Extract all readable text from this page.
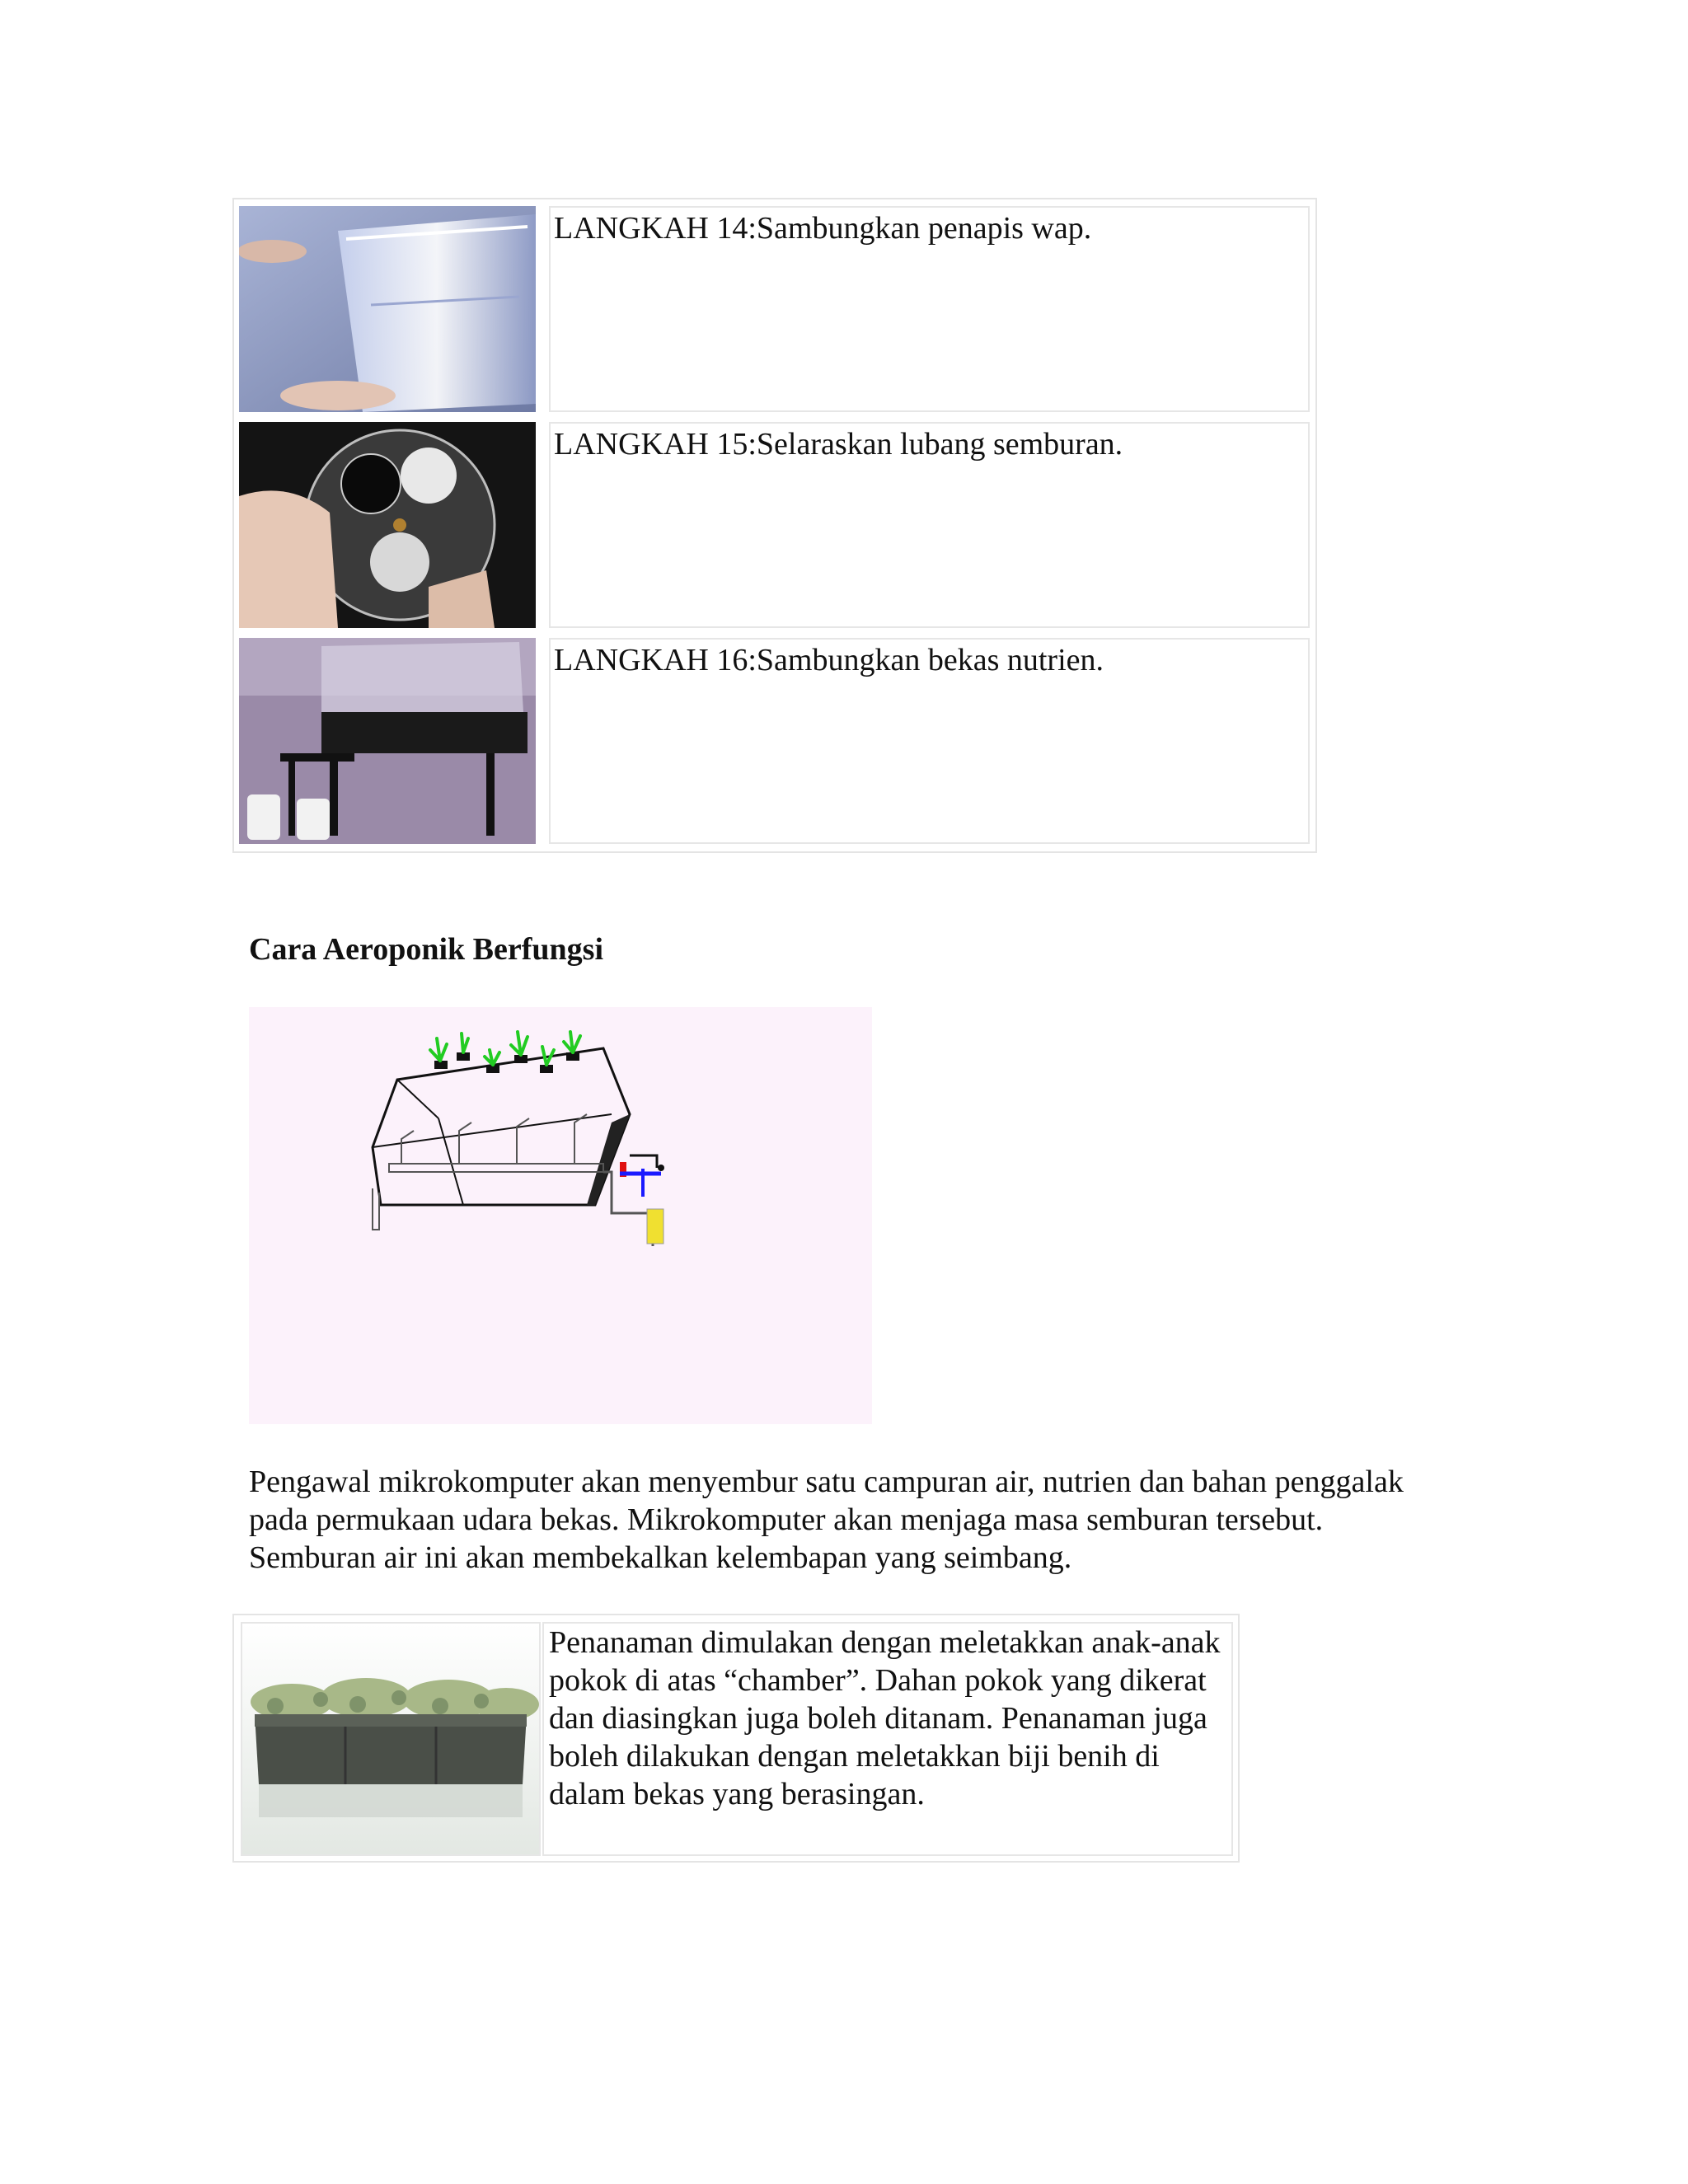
LANGKAH 14:Sambungkan penapis wap.
LANGKAH 15:Selaraskan lubang semburan.
LANGKAH 16:Sambungkan bekas nutrien.
Cara Aeroponik Berfungsi
Pengawal mikrokomputer akan menyembur satu campuran air, nutrien dan bahan penggalak pada permukaan udara bekas. Mikrokomputer akan menjaga masa semburan tersebut. Semburan air ini akan membekalkan kelembapan yang seimbang.
Penanaman dimulakan dengan meletakkan anak-anak pokok di atas “chamber”. Dahan pokok yang dikerat dan diasingkan juga boleh ditanam. Penanaman juga boleh dilakukan dengan meletakkan biji benih di dalam bekas yang berasingan.
